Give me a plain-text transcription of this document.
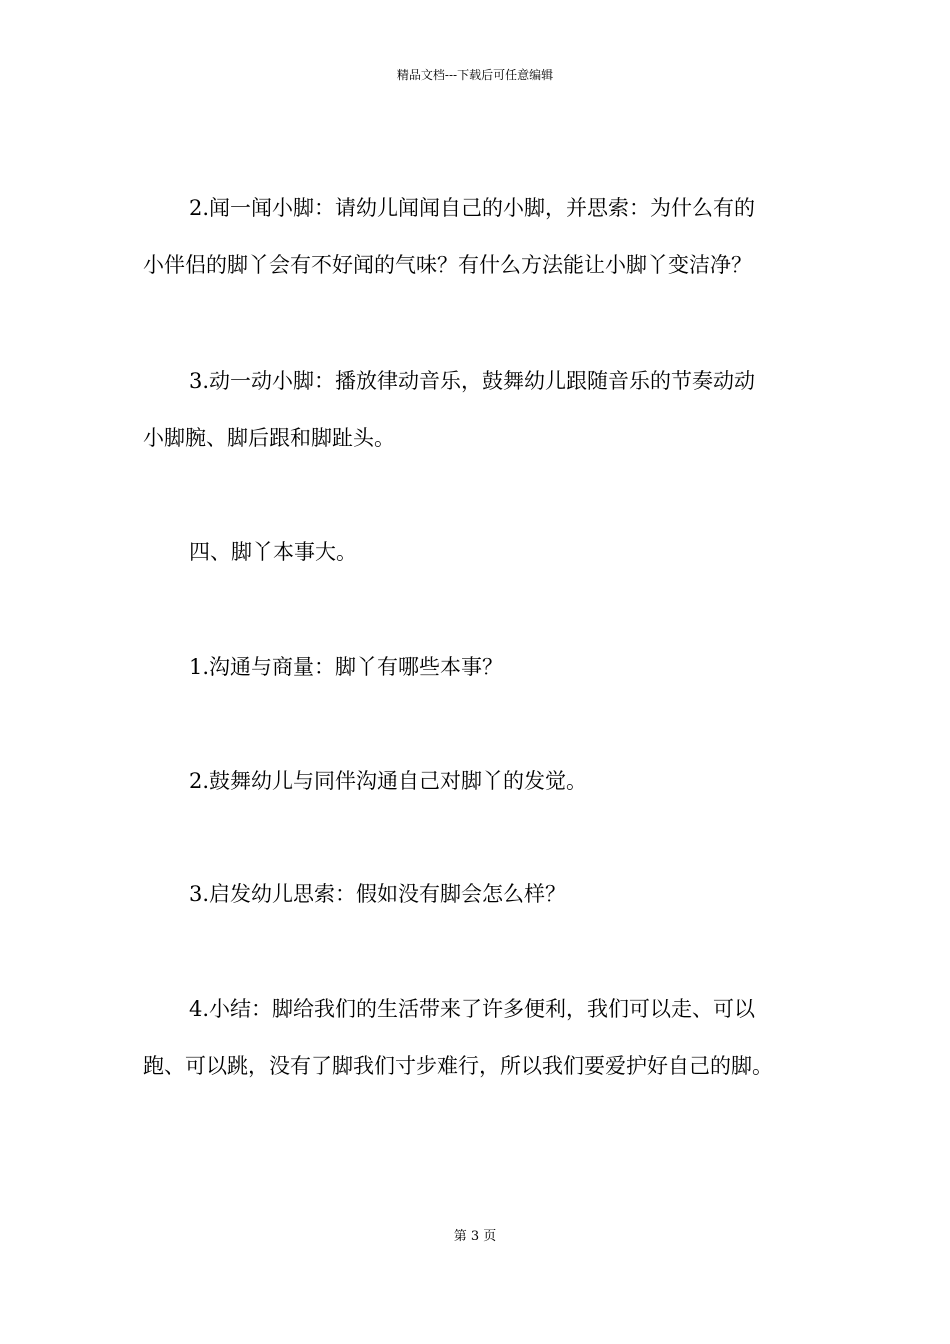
精品文档---下载后可任意编辑
2.闻一闻小脚：请幼儿闻闻自己的小脚，并思索：为什么有的
小伴侣的脚丫会有不好闻的气味？有什么方法能让小脚丫变洁净？
3.动一动小脚：播放律动音乐，鼓舞幼儿跟随音乐的节奏动动
小脚腕、脚后跟和脚趾头。
四、脚丫本事大。
1.沟通与商量：脚丫有哪些本事？
2.鼓舞幼儿与同伴沟通自己对脚丫的发觉。
3.启发幼儿思索：假如没有脚会怎么样？
4.小结：脚给我们的生活带来了许多便利，我们可以走、可以
跑、可以跳，没有了脚我们寸步难行，所以我们要爱护好自己的脚。
第 3 页
